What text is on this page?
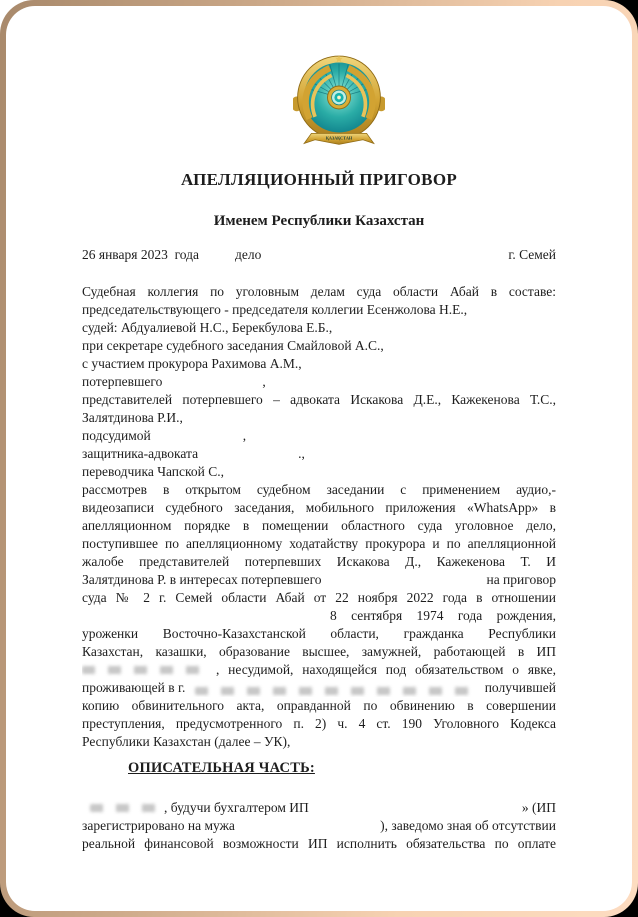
ҚАЗАҚСТАН
АПЕЛЛЯЦИОННЫЙ ПРИГОВОР
Именем Республики Казахстан
26 января 2023  года	дело	г. Семей
Судебная коллегия по уголовным делам суда области Абай в составе:
председательствующего - председателя коллегии Есенжолова Н.Е.,
судей: Абдуалиевой Н.С., Берекбулова Е.Б.,
при секретаре судебного заседания Смайловой А.С.,
с участием прокурора Рахимова А.М.,
потерпевшего	,
представителей потерпевшего – адвоката Искакова Д.Е., Кажекенова Т.С.,
Залятдинова Р.И.,
подсудимой	,
защитника-адвоката	.,
переводчика Чапской С.,
рассмотрев в открытом судебном заседании с применением аудио,-
видеозаписи судебного заседания, мобильного приложения «WhatsApp» в
апелляционном порядке в помещении областного суда уголовное дело,
поступившее по апелляционному ходатайству прокурора и по апелляционной
жалобе представителей потерпевших Искакова Д., Кажекенова Т. И
Залятдинова Р. в интересах потерпевшего	на приговор
суда № 2 г. Семей области Абай от 22 ноября 2022 года в отношении
8 сентября 1974 года рождения,
уроженки Восточно-Казахстанской области, гражданка Республики
Казахстан, казашки, образование высшее, замужней, работающей в ИП
, несудимой, находящейся под обязательством о явке,
проживающей в г.	получившей
копию обвинительного акта, оправданной по обвинению в совершении
преступления, предусмотренного п. 2) ч. 4 ст. 190 Уголовного Кодекса
Республики Казахстан (далее – УК),
ОПИСАТЕЛЬНАЯ ЧАСТЬ:
, будучи бухгалтером ИП	» (ИП
зарегистрировано на мужа	), заведомо зная об отсутствии
реальной финансовой возможности ИП исполнить обязательства по оплате
